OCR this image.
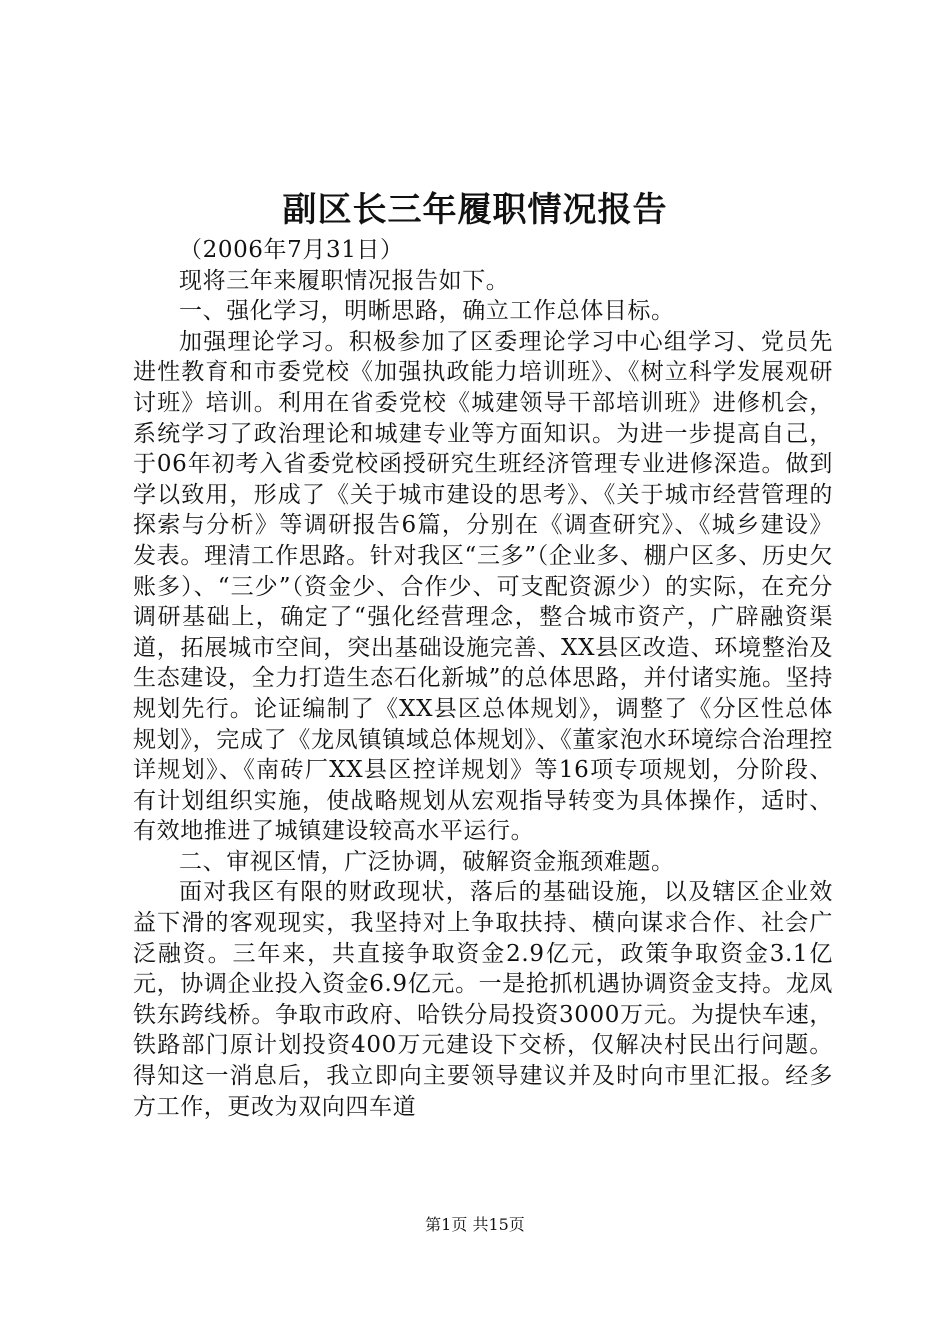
副区长三年履职情况报告

（2006年7月31日）

现将三年来履职情况报告如下。

一、强化学习，明晰思路，确立工作总体目标。

加强理论学习。积极参加了区委理论学习中心组学习、党员先进性教育和市委党校《加强执政能力培训班》、《树立科学发展观研讨班》培训。利用在省委党校《城建领导干部培训班》进修机会，系统学习了政治理论和城建专业等方面知识。为进一步提高自己，于06年初考入省委党校函授研究生班经济管理专业进修深造。做到学以致用，形成了《关于城市建设的思考》、《关于城市经营管理的探索与分析》等调研报告6篇，分别在《调查研究》、《城乡建设》发表。理清工作思路。针对我区“三多”（企业多、棚户区多、历史欠账多）、“三少”（资金少、合作少、可支配资源少）的实际，在充分调研基础上，确定了“强化经营理念，整合城市资产，广辟融资渠道，拓展城市空间，突出基础设施完善、XX县区改造、环境整治及生态建设，全力打造生态石化新城”的总体思路，并付诸实施。坚持规划先行。论证编制了《XX县区总体规划》，调整了《分区性总体规划》，完成了《龙凤镇镇域总体规划》、《董家泡水环境综合治理控详规划》、《南砖厂XX县区控详规划》等16项专项规划，分阶段、有计划组织实施，使战略规划从宏观指导转变为具体操作，适时、有效地推进了城镇建设较高水平运行。

二、审视区情，广泛协调，破解资金瓶颈难题。

面对我区有限的财政现状，落后的基础设施，以及辖区企业效益下滑的客观现实，我坚持对上争取扶持、横向谋求合作、社会广泛融资。三年来，共直接争取资金2.9亿元，政策争取资金3.1亿元，协调企业投入资金6.9亿元。一是抢抓机遇协调资金支持。龙凤铁东跨线桥。争取市政府、哈铁分局投资3000万元。为提快车速，铁路部门原计划投资400万元建设下交桥，仅解决村民出行问题。得知这一消息后，我立即向主要领导建议并及时向市里汇报。经多方工作，更改为双向四车道

第1页 共15页
